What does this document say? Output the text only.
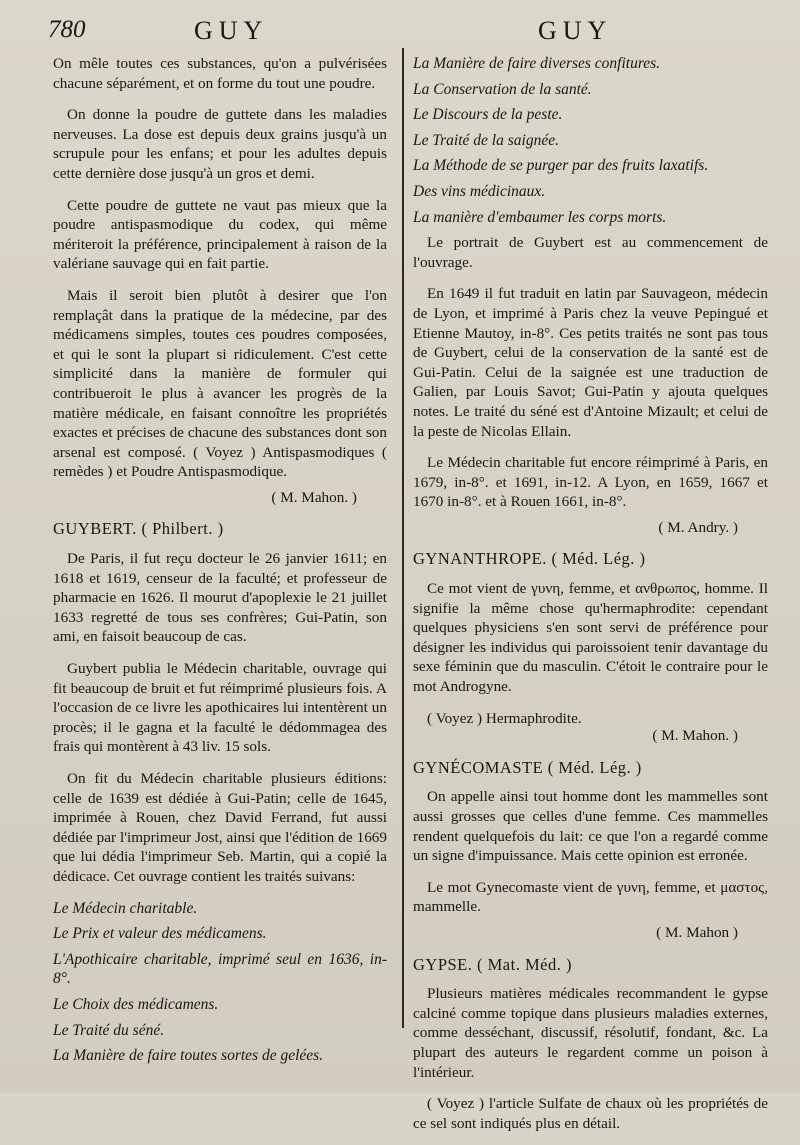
780	GUY	GUY

On mêle toutes ces substances, qu'on a pulvérisées chacune séparément, et on forme du tout une poudre.

On donne la poudre de guttete dans les maladies nerveuses. La dose est depuis deux grains jusqu'à un scrupule pour les enfans; et pour les adultes depuis cette dernière dose jusqu'à un gros et demi.

Cette poudre de guttete ne vaut pas mieux que la poudre antispasmodique du codex, qui même mériteroit la préférence, principalement à raison de la valériane sauvage qui en fait partie.

Mais il seroit bien plutôt à desirer que l'on remplaçât dans la pratique de la médecine, par des médicamens simples, toutes ces poudres composées, et qui le sont la plupart si ridiculement. C'est cette simplicité dans la manière de formuler qui contribueroit le plus à avancer les progrès de la matière médicale, en faisant connoître les propriétés exactes et précises de chacune des substances dont son arsenal est composé. ( Voyez ) Antispasmodiques ( remèdes ) et Poudre Antispasmodique.

( M. Mahon. )

GUYBERT. ( Philbert. )

De Paris, il fut reçu docteur le 26 janvier 1611; en 1618 et 1619, censeur de la faculté; et professeur de pharmacie en 1626. Il mourut d'apoplexie le 21 juillet 1633 regretté de tous ses confrères; Gui-Patin, son ami, en faisoit beaucoup de cas.

Guybert publia le Médecin charitable, ouvrage qui fit beaucoup de bruit et fut réimprimé plusieurs fois. A l'occasion de ce livre les apothicaires lui intentèrent un procès; il le gagna et la faculté le dédommagea des frais qui montèrent à 43 liv. 15 sols.

On fit du Médecin charitable plusieurs éditions: celle de 1639 est dédiée à Gui-Patin; celle de 1645, imprimée à Rouen, chez David Ferrand, fut aussi dédiée par l'imprimeur Jost, ainsi que l'édition de 1669 que lui dédia l'imprimeur Seb. Martin, qui a copié la dédicace. Cet ouvrage contient les traités suivans:

Le Médecin charitable.

Le Prix et valeur des médicamens.

L'Apothicaire charitable, imprimé seul en 1636, in-8°.

Le Choix des médicamens.

Le Traité du séné.

La Manière de faire toutes sortes de gelées.

La Manière de faire diverses confitures.

La Conservation de la santé.

Le Discours de la peste.

Le Traité de la saignée.

La Méthode de se purger par des fruits laxatifs.

Des vins médicinaux.

La manière d'embaumer les corps morts.

Le portrait de Guybert est au commencement de l'ouvrage.

En 1649 il fut traduit en latin par Sauvageon, médecin de Lyon, et imprimé à Paris chez la veuve Pepingué et Etienne Mautoy, in-8°. Ces petits traités ne sont pas tous de Guybert, celui de la conservation de la santé est de Gui-Patin. Celui de la saignée est une traduction de Galien, par Louis Savot; Gui-Patin y ajouta quelques notes. Le traité du séné est d'Antoine Mizault; et celui de la peste de Nicolas Ellain.

Le Médecin charitable fut encore réimprimé à Paris, en 1679, in-8°. et 1691, in-12. A Lyon, en 1659, 1667 et 1670 in-8°. et à Rouen 1661, in-8°.

( M. Andry. )

GYNANTHROPE. ( Méd. Lég. )

Ce mot vient de γυνη, femme, et ανθρωπος, homme. Il signifie la même chose qu'hermaphrodite: cependant quelques physiciens s'en sont servi de préférence pour désigner les individus qui paroissoient tenir davantage du sexe féminin que du masculin. C'étoit le contraire pour le mot Androgyne.

( Voyez ) Hermaphrodite.

( M. Mahon. )

GYNÉCOMASTE ( Méd. Lég. )

On appelle ainsi tout homme dont les mammelles sont aussi grosses que celles d'une femme. Ces mammelles rendent quelquefois du lait: ce que l'on a regardé comme un signe d'impuissance. Mais cette opinion est erronée.

Le mot Gynecomaste vient de γυνη, femme, et μαστος, mammelle.

( M. Mahon )

GYPSE. ( Mat. Méd. )

Plusieurs matières médicales recommandent le gypse calciné comme topique dans plusieurs maladies externes, comme desséchant, discussif, résolutif, fondant, &c. La plupart des auteurs le regardent comme un poison à l'intérieur.

( Voyez ) l'article Sulfate de chaux où les propriétés de ce sel sont indiqués plus en détail.
